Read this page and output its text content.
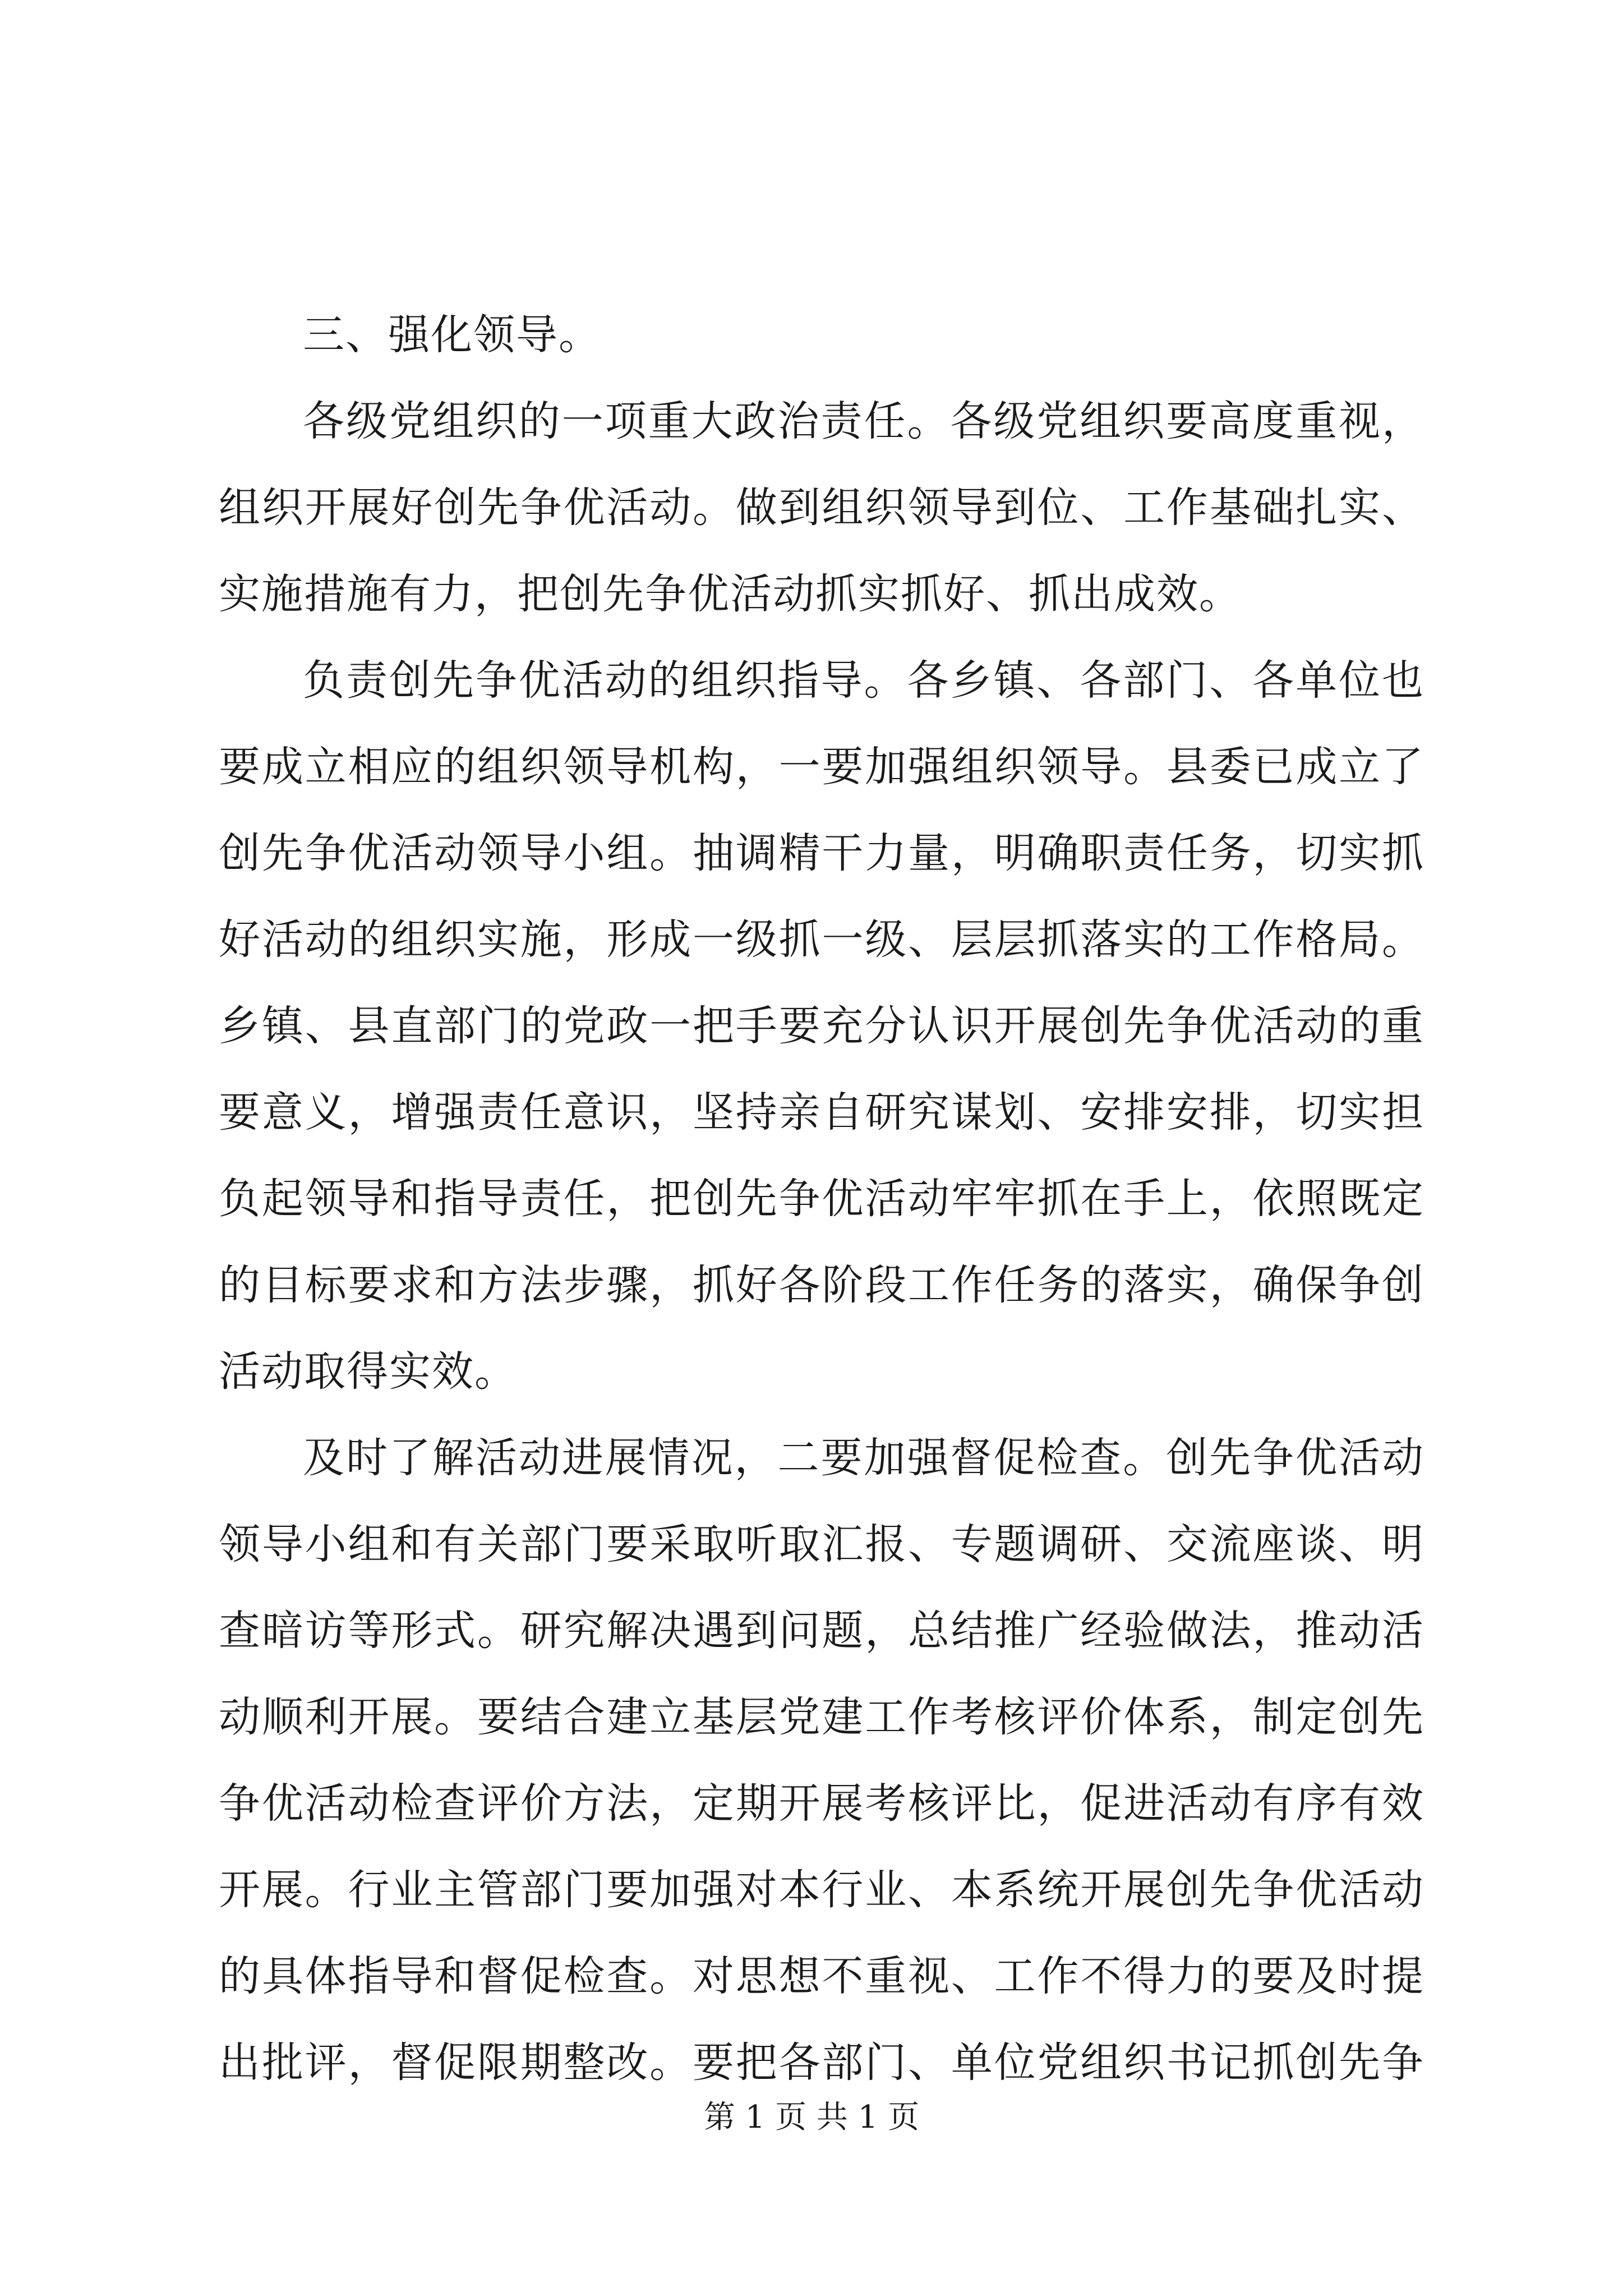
三、强化领导。
各级党组织的一项重大政治责任。各级党组织要高度重视，
组织开展好创先争优活动。做到组织领导到位、工作基础扎实、
实施措施有力，把创先争优活动抓实抓好、抓出成效。
负责创先争优活动的组织指导。各乡镇、各部门、各单位也
要成立相应的组织领导机构，一要加强组织领导。县委已成立了
创先争优活动领导小组。抽调精干力量，明确职责任务，切实抓
好活动的组织实施，形成一级抓一级、层层抓落实的工作格局。
乡镇、县直部门的党政一把手要充分认识开展创先争优活动的重
要意义，增强责任意识，坚持亲自研究谋划、安排安排，切实担
负起领导和指导责任，把创先争优活动牢牢抓在手上，依照既定
的目标要求和方法步骤，抓好各阶段工作任务的落实，确保争创
活动取得实效。
及时了解活动进展情况，二要加强督促检查。创先争优活动
领导小组和有关部门要采取听取汇报、专题调研、交流座谈、明
查暗访等形式。研究解决遇到问题，总结推广经验做法，推动活
动顺利开展。要结合建立基层党建工作考核评价体系，制定创先
争优活动检查评价方法，定期开展考核评比，促进活动有序有效
开展。行业主管部门要加强对本行业、本系统开展创先争优活动
的具体指导和督促检查。对思想不重视、工作不得力的要及时提
出批评，督促限期整改。要把各部门、单位党组织书记抓创先争
第 1 页 共 1 页
